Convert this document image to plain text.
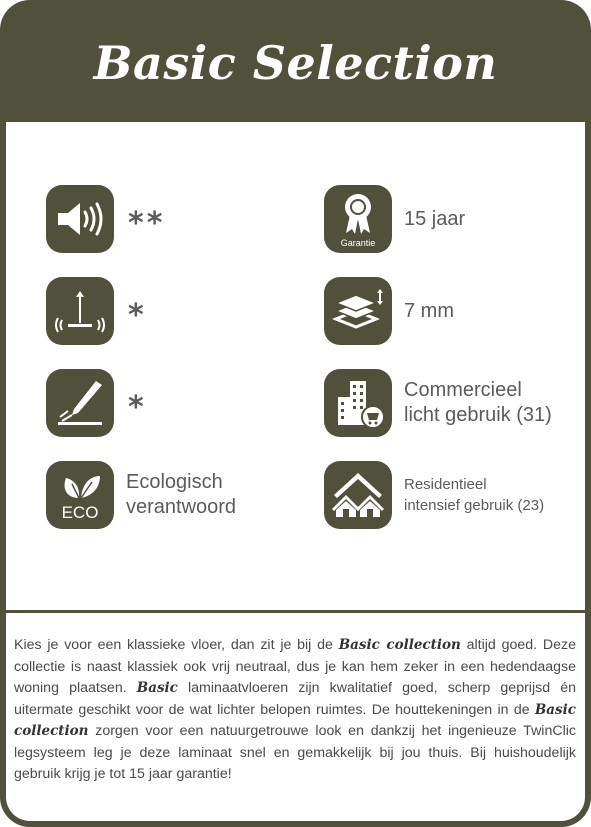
Basic Selection
**
*
*
ECO
Ecologisch
verantwoord
Garantie
15 jaar
7 mm
Commercieel
licht gebruik (31)
Residentieel
intensief gebruik (23)

Kies je voor een klassieke vloer, dan zit je bij de Basic collection altijd goed. Deze collectie is naast klassiek ook vrij neutraal, dus je kan hem zeker in een hedendaagse woning plaatsen. Basic laminaatvloeren zijn kwalitatief goed, scherp geprijsd én uitermate geschikt voor de wat lichter belopen ruimtes. De houttekeningen in de Basic collection zorgen voor een natuurgetrouwe look en dankzij het ingenieuze TwinClic legsysteem leg je deze laminaat snel en gemakkelijk bij jou thuis. Bij huishoudelijk gebruik krijg je tot 15 jaar garantie!
